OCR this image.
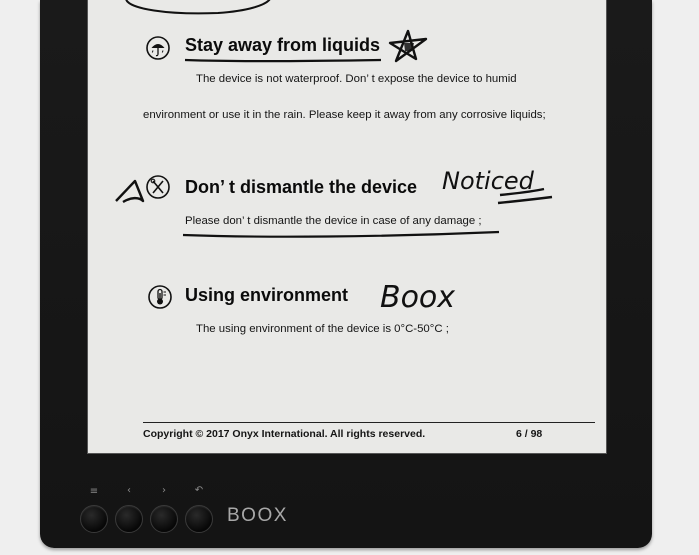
Stay away from liquids
The device is not waterproof. Don’ t expose the device to humid
environment or use it in the rain. Please keep it away from any corrosive liquids;
Don’ t dismantle the device Noticed
Please don’ t dismantle the device in case of any damage ;
Using environment Boox
The using environment of the device is 0°C-50°C ;
Copyright © 2017 Onyx International. All rights reserved.	6 / 98
≡	‹	›	↶
BOOX
